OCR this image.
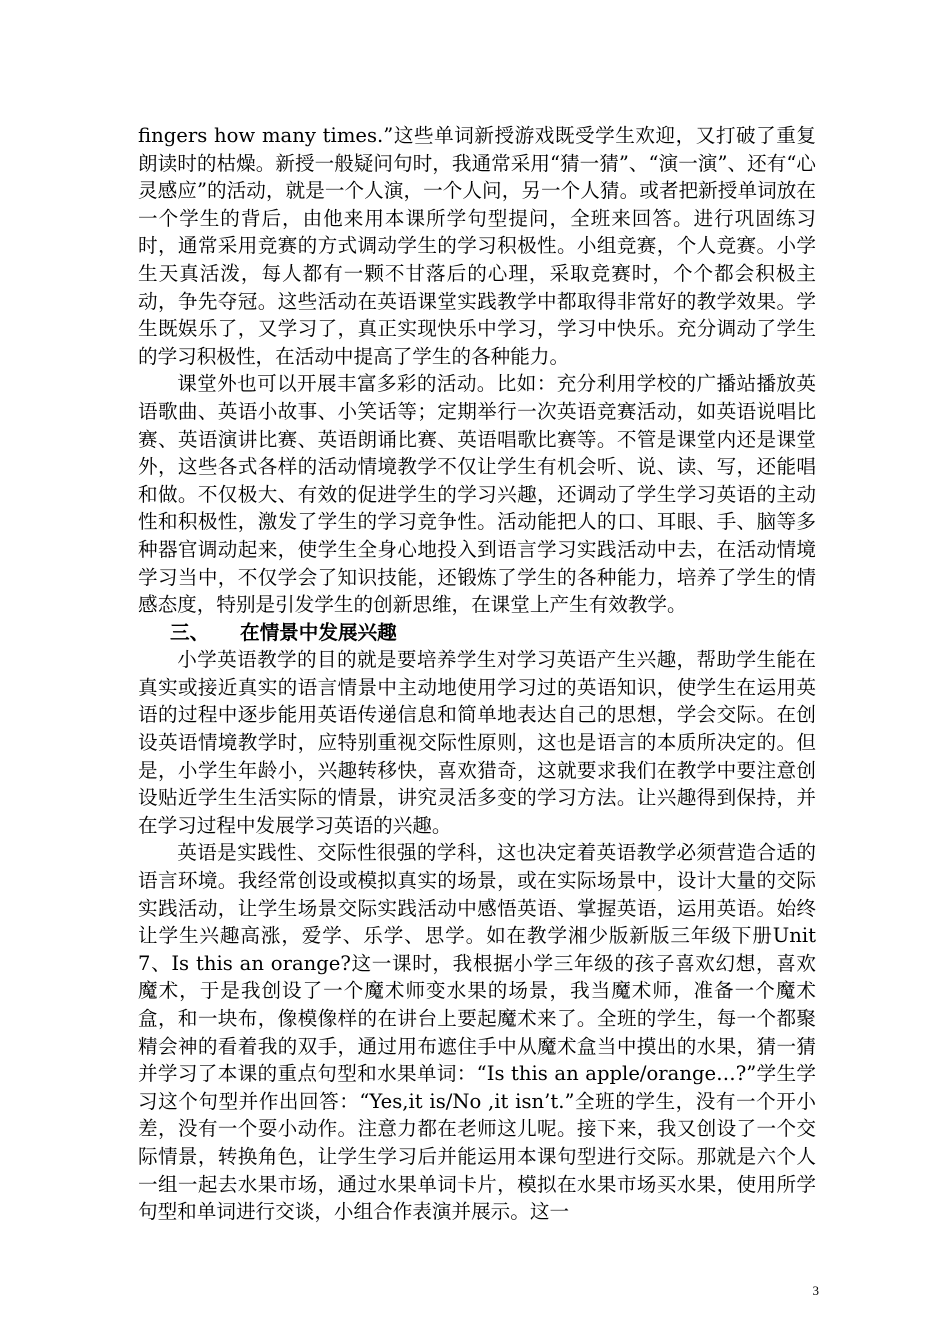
fingers how many times.”这些单词新授游戏既受学生欢迎，又打破了重复朗读时的枯燥。新授一般疑问句时，我通常采用“猜一猜”、“演一演”、还有“心灵感应”的活动，就是一个人演，一个人问，另一个人猜。或者把新授单词放在一个学生的背后，由他来用本课所学句型提问，全班来回答。进行巩固练习时，通常采用竞赛的方式调动学生的学习积极性。小组竞赛，个人竞赛。小学生天真活泼，每人都有一颗不甘落后的心理，采取竞赛时，个个都会积极主动，争先夺冠。这些活动在英语课堂实践教学中都取得非常好的教学效果。学生既娱乐了，又学习了，真正实现快乐中学习，学习中快乐。充分调动了学生的学习积极性，在活动中提高了学生的各种能力。

课堂外也可以开展丰富多彩的活动。比如：充分利用学校的广播站播放英语歌曲、英语小故事、小笑话等；定期举行一次英语竞赛活动，如英语说唱比赛、英语演讲比赛、英语朗诵比赛、英语唱歌比赛等。不管是课堂内还是课堂外，这些各式各样的活动情境教学不仅让学生有机会听、说、读、写，还能唱和做。不仅极大、有效的促进学生的学习兴趣，还调动了学生学习英语的主动性和积极性，激发了学生的学习竞争性。活动能把人的口、耳眼、手、脑等多种器官调动起来，使学生全身心地投入到语言学习实践活动中去，在活动情境学习当中，不仅学会了知识技能，还锻炼了学生的各种能力，培养了学生的情感态度，特别是引发学生的创新思维，在课堂上产生有效教学。

三、 在情景中发展兴趣

小学英语教学的目的就是要培养学生对学习英语产生兴趣，帮助学生能在真实或接近真实的语言情景中主动地使用学习过的英语知识，使学生在运用英语的过程中逐步能用英语传递信息和简单地表达自己的思想，学会交际。在创设英语情境教学时，应特别重视交际性原则，这也是语言的本质所决定的。但是，小学生年龄小，兴趣转移快，喜欢猎奇，这就要求我们在教学中要注意创设贴近学生生活实际的情景，讲究灵活多变的学习方法。让兴趣得到保持，并在学习过程中发展学习英语的兴趣。

英语是实践性、交际性很强的学科，这也决定着英语教学必须营造合适的语言环境。我经常创设或模拟真实的场景，或在实际场景中，设计大量的交际实践活动，让学生场景交际实践活动中感悟英语、掌握英语，运用英语。始终让学生兴趣高涨，爱学、乐学、思学。如在教学湘少版新版三年级下册Unit7、Is this an orange?这一课时，我根据小学三年级的孩子喜欢幻想，喜欢魔术，于是我创设了一个魔术师变水果的场景，我当魔术师，准备一个魔术盒，和一块布，像模像样的在讲台上要起魔术来了。全班的学生，每一个都聚精会神的看着我的双手，通过用布遮住手中从魔术盒当中摸出的水果，猜一猜并学习了本课的重点句型和水果单词：“Is this an apple/orange…?”学生学习这个句型并作出回答：“Yes,it is/No ,it isn’t.”全班的学生，没有一个开小差，没有一个耍小动作。注意力都在老师这儿呢。接下来，我又创设了一个交际情景，转换角色，让学生学习后并能运用本课句型进行交际。那就是六个人一组一起去水果市场，通过水果单词卡片，模拟在水果市场买水果，使用所学句型和单词进行交谈，小组合作表演并展示。这一

3
